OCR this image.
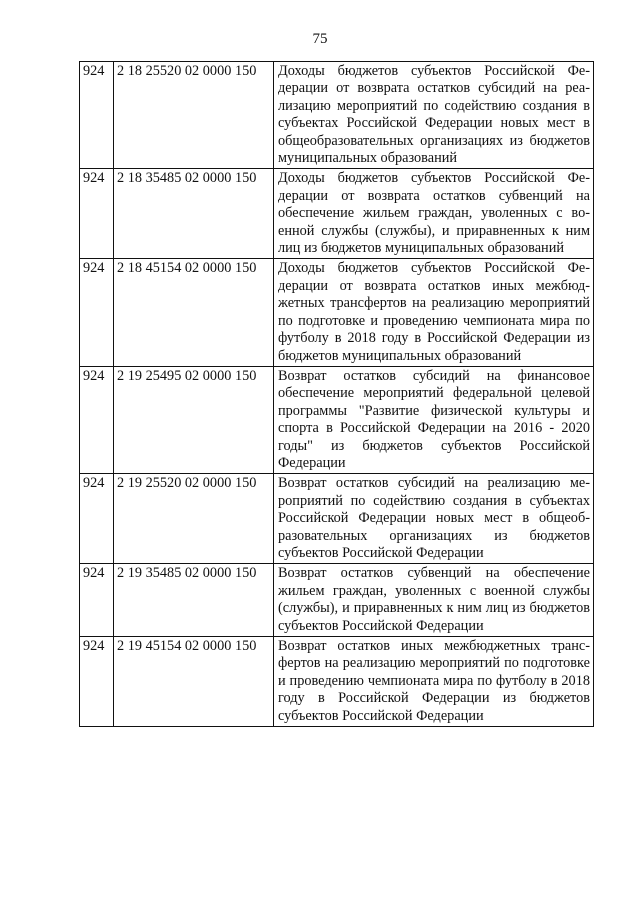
75
924	2 18 25520 02 0000 150	Доходы бюджетов субъектов Российской Федерации от возврата остатков субсидий на реализацию мероприятий по содействию создания в субъектах Российской Федерации новых мест в общеобразовательных организациях из бюджетов муниципальных образований
924	2 18 35485 02 0000 150	Доходы бюджетов субъектов Российской Федерации от возврата остатков субвенций на обеспечение жильем граждан, уволенных с военной службы (службы), и приравненных к ним лиц из бюджетов муниципальных образований
924	2 18 45154 02 0000 150	Доходы бюджетов субъектов Российской Федерации от возврата остатков иных межбюджетных трансфертов на реализацию мероприятий по подготовке и проведению чемпионата мира по футболу в 2018 году в Российской Федерации из бюджетов муниципальных образований
924	2 19 25495 02 0000 150	Возврат остатков субсидий на финансовое обеспечение мероприятий федеральной целевой программы "Развитие физической культуры и спорта в Российской Федерации на 2016 - 2020 годы" из бюджетов субъектов Российской Федерации
924	2 19 25520 02 0000 150	Возврат остатков субсидий на реализацию мероприятий по содействию создания в субъектах Российской Федерации новых мест в общеобразовательных организациях из бюджетов субъектов Российской Федерации
924	2 19 35485 02 0000 150	Возврат остатков субвенций на обеспечение жильем граждан, уволенных с военной службы (службы), и приравненных к ним лиц из бюджетов субъектов Российской Федерации
924	2 19 45154 02 0000 150	Возврат остатков иных межбюджетных трансфертов на реализацию мероприятий по подготовке и проведению чемпионата мира по футболу в 2018 году в Российской Федерации из бюджетов субъектов Российской Федерации
